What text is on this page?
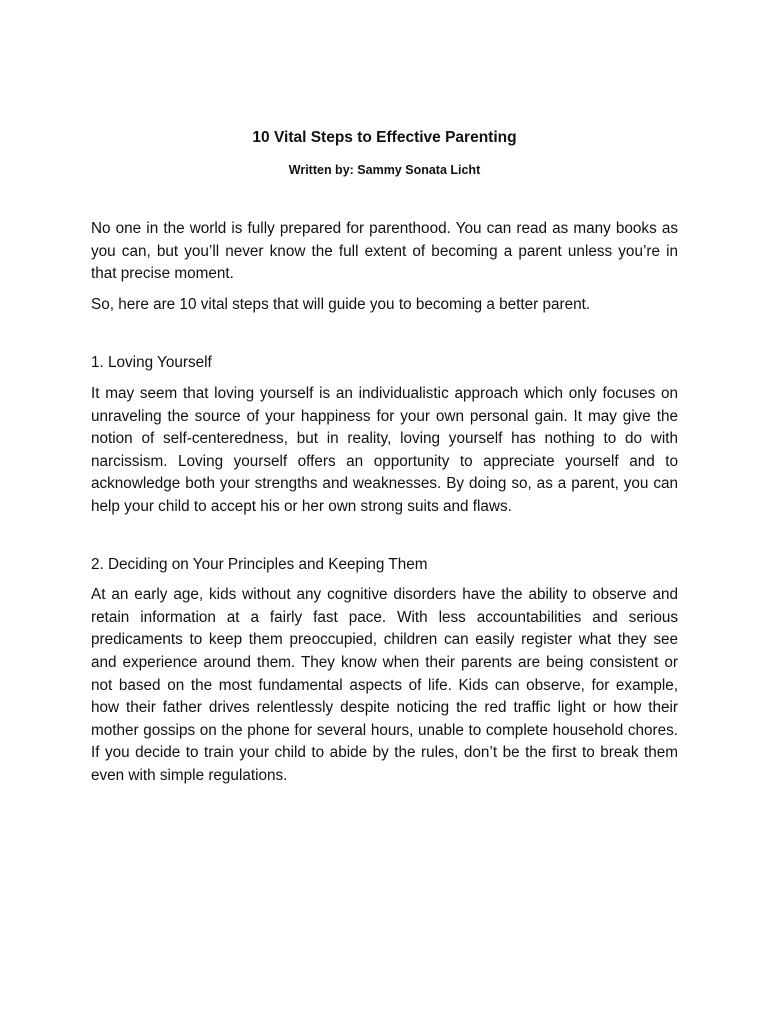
10 Vital Steps to Effective Parenting

Written by: Sammy Sonata Licht

No one in the world is fully prepared for parenthood. You can read as many books as you can, but you’ll never know the full extent of becoming a parent unless you’re in that precise moment.

So, here are 10 vital steps that will guide you to becoming a better parent.

1. Loving Yourself

It may seem that loving yourself is an individualistic approach which only focuses on unraveling the source of your happiness for your own personal gain. It may give the notion of self-centeredness, but in reality, loving yourself has nothing to do with narcissism. Loving yourself offers an opportunity to appreciate yourself and to acknowledge both your strengths and weaknesses. By doing so, as a parent, you can help your child to accept his or her own strong suits and flaws.

2. Deciding on Your Principles and Keeping Them

At an early age, kids without any cognitive disorders have the ability to observe and retain information at a fairly fast pace. With less accountabilities and serious predicaments to keep them preoccupied, children can easily register what they see and experience around them. They know when their parents are being consistent or not based on the most fundamental aspects of life. Kids can observe, for example, how their father drives relentlessly despite noticing the red traffic light or how their mother gossips on the phone for several hours, unable to complete household chores. If you decide to train your child to abide by the rules, don’t be the first to break them even with simple regulations.
